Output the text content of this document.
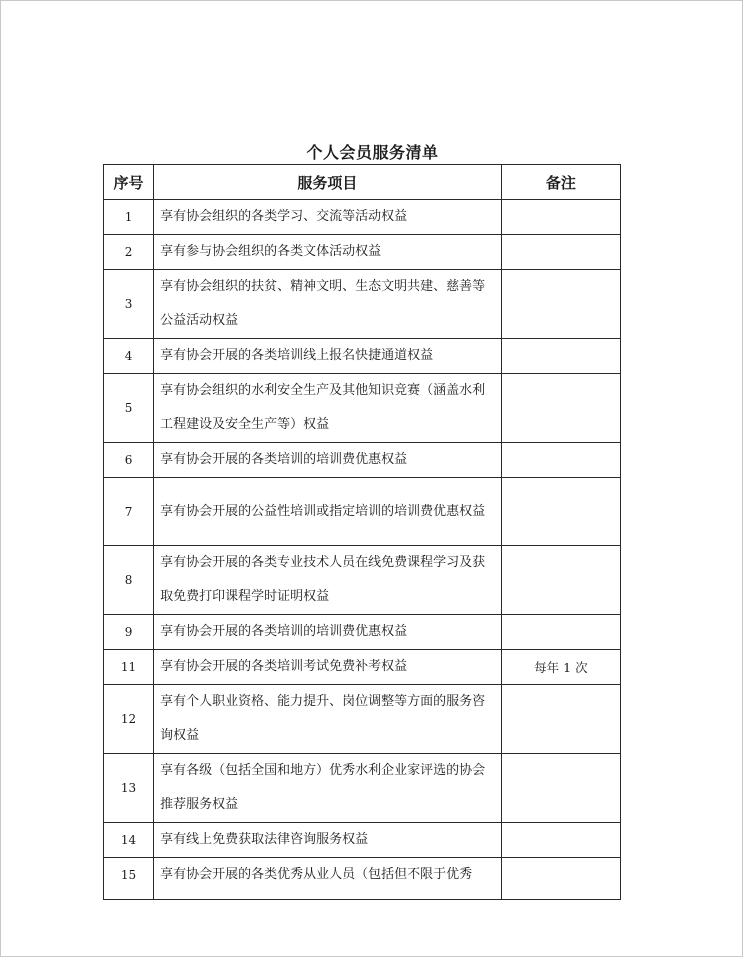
个人会员服务清单
序号	服务项目	备注
1	享有协会组织的各类学习、交流等活动权益	
2	享有参与协会组织的各类文体活动权益	
3	享有协会组织的扶贫、精神文明、生态文明共建、慈善等公益活动权益	
4	享有协会开展的各类培训线上报名快捷通道权益	
5	享有协会组织的水利安全生产及其他知识竞赛（涵盖水利工程建设及安全生产等）权益	
6	享有协会开展的各类培训的培训费优惠权益	
7	享有协会开展的公益性培训或指定培训的培训费优惠权益	
8	享有协会开展的各类专业技术人员在线免费课程学习及获取免费打印课程学时证明权益	
9	享有协会开展的各类培训的培训费优惠权益	
11	享有协会开展的各类培训考试免费补考权益	每年 1 次
12	享有个人职业资格、能力提升、岗位调整等方面的服务咨询权益	
13	享有各级（包括全国和地方）优秀水利企业家评选的协会推荐服务权益	
14	享有线上免费获取法律咨询服务权益	
15	享有协会开展的各类优秀从业人员（包括但不限于优秀	
